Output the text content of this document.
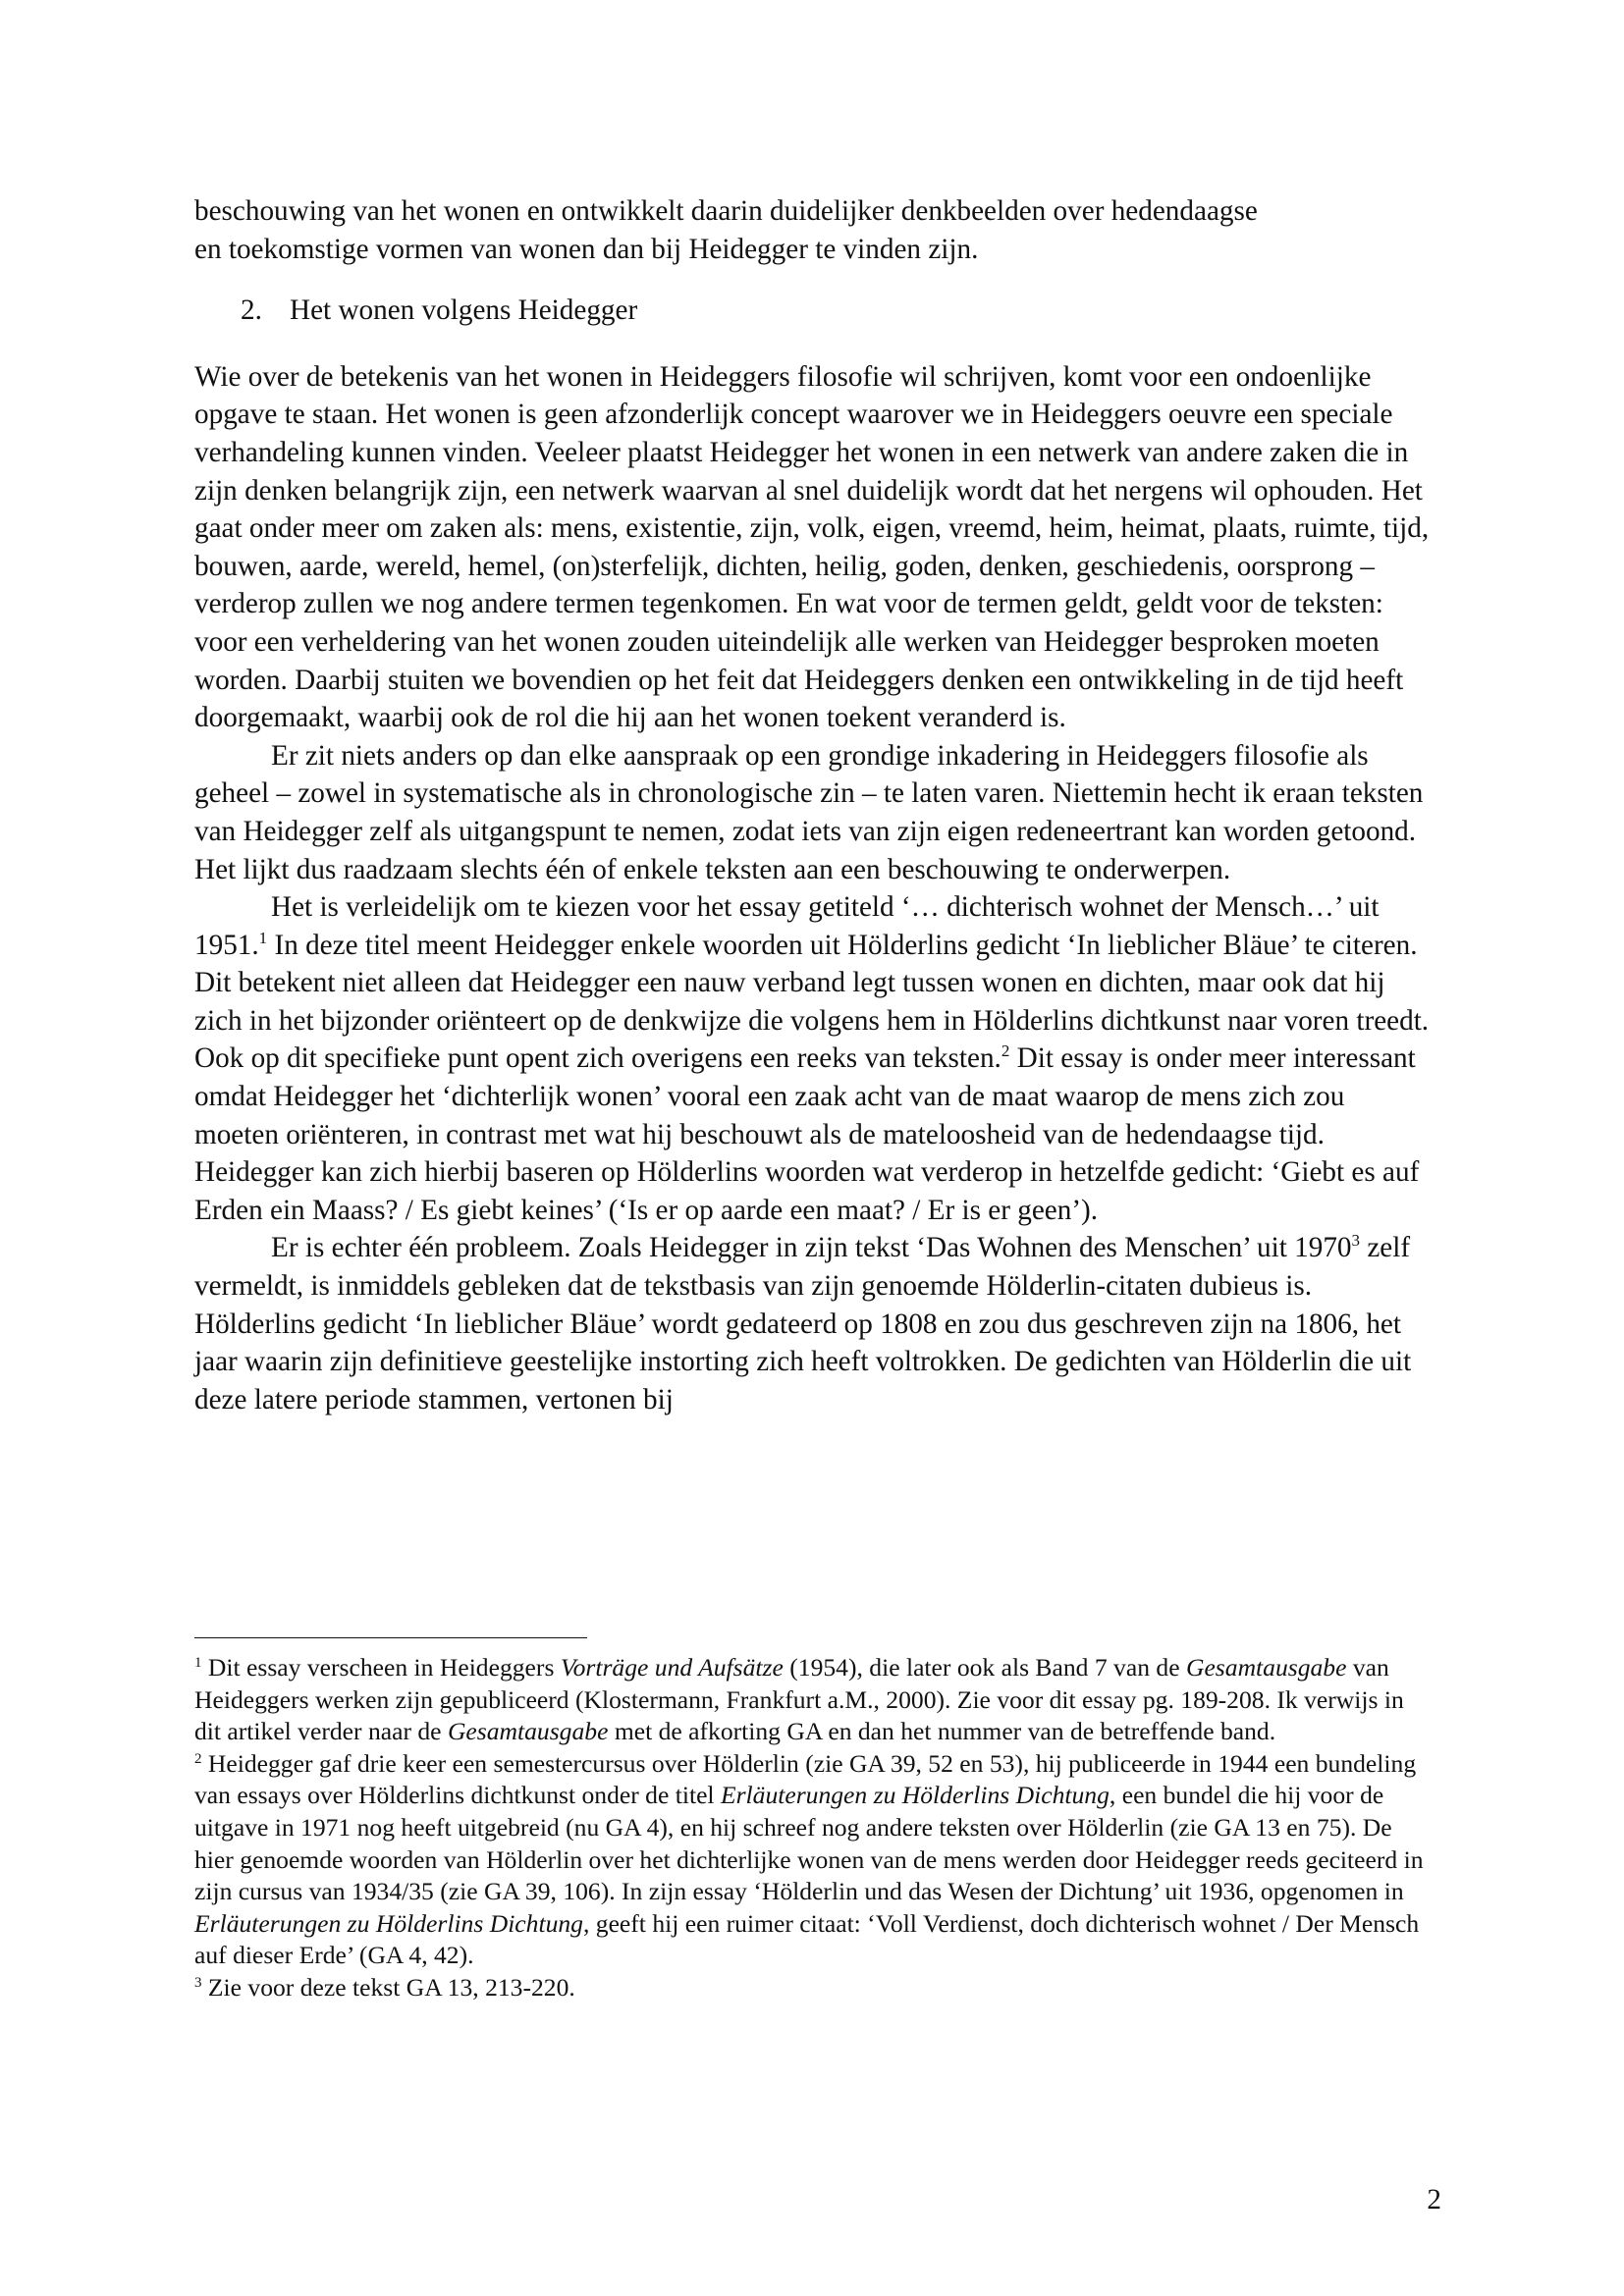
beschouwing van het wonen en ontwikkelt daarin duidelijker denkbeelden over hedendaagse
en toekomstige vormen van wonen dan bij Heidegger te vinden zijn.

2. Het wonen volgens Heidegger

Wie over de betekenis van het wonen in Heideggers filosofie wil schrijven, komt voor een ondoenlijke opgave te staan. Het wonen is geen afzonderlijk concept waarover we in Heideggers oeuvre een speciale verhandeling kunnen vinden. Veeleer plaatst Heidegger het wonen in een netwerk van andere zaken die in zijn denken belangrijk zijn, een netwerk waarvan al snel duidelijk wordt dat het nergens wil ophouden. Het gaat onder meer om zaken als: mens, existentie, zijn, volk, eigen, vreemd, heim, heimat, plaats, ruimte, tijd, bouwen, aarde, wereld, hemel, (on)sterfelijk, dichten, heilig, goden, denken, geschiedenis, oorsprong – verderop zullen we nog andere termen tegenkomen. En wat voor de termen geldt, geldt voor de teksten: voor een verheldering van het wonen zouden uiteindelijk alle werken van Heidegger besproken moeten worden. Daarbij stuiten we bovendien op het feit dat Heideggers denken een ontwikkeling in de tijd heeft doorgemaakt, waarbij ook de rol die hij aan het wonen toekent veranderd is.

Er zit niets anders op dan elke aanspraak op een grondige inkadering in Heideggers filosofie als geheel – zowel in systematische als in chronologische zin – te laten varen. Niettemin hecht ik eraan teksten van Heidegger zelf als uitgangspunt te nemen, zodat iets van zijn eigen redeneertrant kan worden getoond. Het lijkt dus raadzaam slechts één of enkele teksten aan een beschouwing te onderwerpen.

Het is verleidelijk om te kiezen voor het essay getiteld ‘… dichterisch wohnet der Mensch…’ uit 1951.$^1$ In deze titel meent Heidegger enkele woorden uit Hölderlins gedicht ‘In lieblicher Bläue’ te citeren. Dit betekent niet alleen dat Heidegger een nauw verband legt tussen wonen en dichten, maar ook dat hij zich in het bijzonder oriënteert op de denkwijze die volgens hem in Hölderlins dichtkunst naar voren treedt. Ook op dit specifieke punt opent zich overigens een reeks van teksten.$^2$ Dit essay is onder meer interessant omdat Heidegger het ‘dichterlijk wonen’ vooral een zaak acht van de maat waarop de mens zich zou moeten oriënteren, in contrast met wat hij beschouwt als de mateloosheid van de hedendaagse tijd. Heidegger kan zich hierbij baseren op Hölderlins woorden wat verderop in hetzelfde gedicht: ‘Giebt es auf Erden ein Maass? / Es giebt keines’ (‘Is er op aarde een maat? / Er is er geen’).

Er is echter één probleem. Zoals Heidegger in zijn tekst ‘Das Wohnen des Menschen’ uit 1970$^3$ zelf vermeldt, is inmiddels gebleken dat de tekstbasis van zijn genoemde Hölderlin-citaten dubieus is. Hölderlins gedicht ‘In lieblicher Bläue’ wordt gedateerd op 1808 en zou dus geschreven zijn na 1806, het jaar waarin zijn definitieve geestelijke instorting zich heeft voltrokken. De gedichten van Hölderlin die uit deze latere periode stammen, vertonen bij

$^1$ Dit essay verscheen in Heideggers Vorträge und Aufsätze (1954), die later ook als Band 7 van de Gesamtausgabe van Heideggers werken zijn gepubliceerd (Klostermann, Frankfurt a.M., 2000). Zie voor dit essay pg. 189-208. Ik verwijs in dit artikel verder naar de Gesamtausgabe met de afkorting GA en dan het nummer van de betreffende band.

$^2$ Heidegger gaf drie keer een semestercursus over Hölderlin (zie GA 39, 52 en 53), hij publiceerde in 1944 een bundeling van essays over Hölderlins dichtkunst onder de titel Erläuterungen zu Hölderlins Dichtung, een bundel die hij voor de uitgave in 1971 nog heeft uitgebreid (nu GA 4), en hij schreef nog andere teksten over Hölderlin (zie GA 13 en 75). De hier genoemde woorden van Hölderlin over het dichterlijke wonen van de mens werden door Heidegger reeds geciteerd in zijn cursus van 1934/35 (zie GA 39, 106). In zijn essay ‘Hölderlin und das Wesen der Dichtung’ uit 1936, opgenomen in Erläuterungen zu Hölderlins Dichtung, geeft hij een ruimer citaat: ‘Voll Verdienst, doch dichterisch wohnet / Der Mensch auf dieser Erde’ (GA 4, 42).

$^3$ Zie voor deze tekst GA 13, 213-220.

2
